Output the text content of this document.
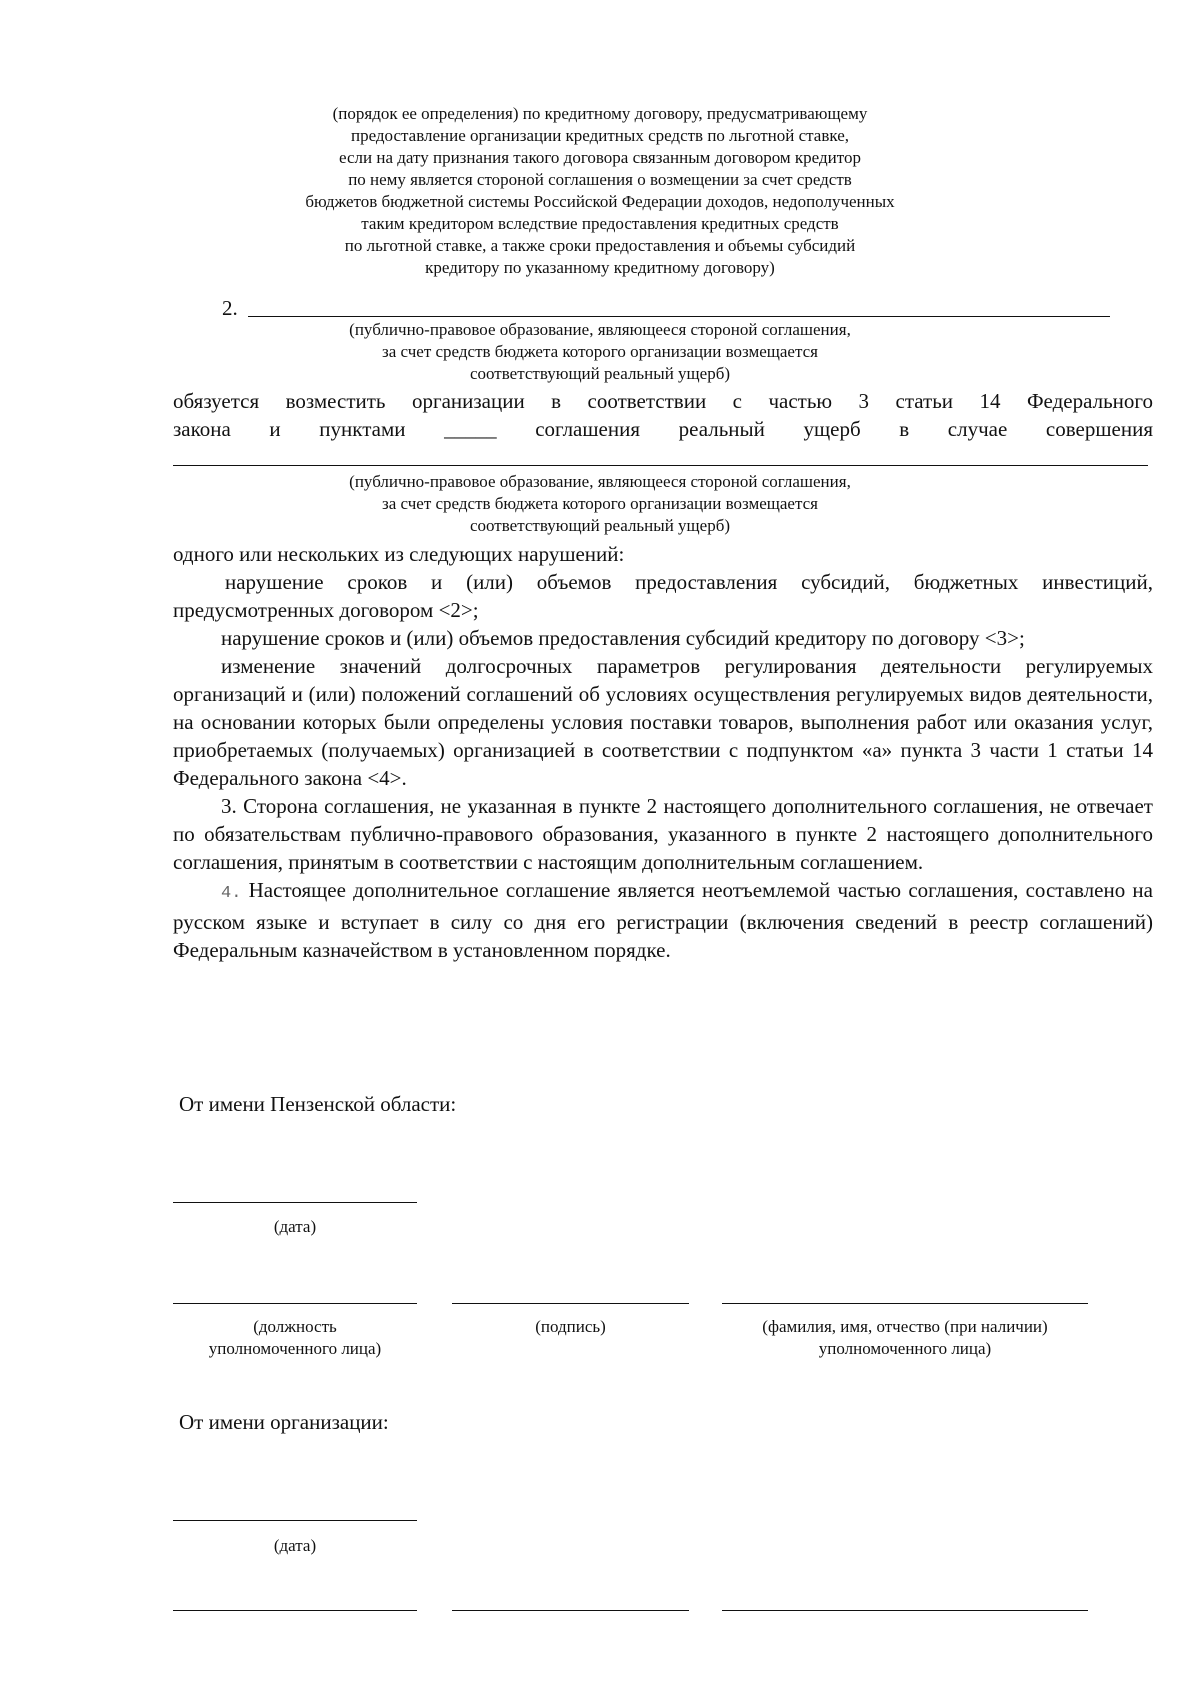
(порядок ее определения) по кредитному договору, предусматривающему
предоставление организации кредитных средств по льготной ставке,
если на дату признания такого договора связанным договором кредитор
по нему является стороной соглашения о возмещении за счет средств
бюджетов бюджетной системы Российской Федерации доходов, недополученных
таким кредитором вследствие предоставления кредитных средств
по льготной ставке, а также сроки предоставления и объемы субсидий
кредитору по указанному кредитному договору)
2.
(публично-правовое образование, являющееся стороной соглашения,
за счет средств бюджета которого организации возмещается
соответствующий реальный ущерб)
обязуется возместить организации в соответствии с частью 3 статьи 14 Федерального
закона и пунктами _____ соглашения реальный ущерб в случае совершения
(публично-правовое образование, являющееся стороной соглашения,
за счет средств бюджета которого организации возмещается
соответствующий реальный ущерб)

одного или нескольких из следующих нарушений:

нарушение сроков и (или) объемов предоставления субсидий, бюджетных инвестиций, предусмотренных договором <2>;

нарушение сроков и (или) объемов предоставления субсидий кредитору по договору <3>;

изменение значений долгосрочных параметров регулирования деятельности регулируемых организаций и (или) положений соглашений об условиях осуществления регулируемых видов деятельности, на основании которых были определены условия поставки товаров, выполнения работ или оказания услуг, приобретаемых (получаемых) организацией в соответствии с подпунктом «а» пункта 3 части 1 статьи 14 Федерального закона <4>.

3. Сторона соглашения, не указанная в пункте 2 настоящего дополнительного соглашения, не отвечает по обязательствам публично-правового образования, указанного в пункте 2 настоящего дополнительного соглашения, принятым в соответствии с настоящим дополнительным соглашением.

4. Настоящее дополнительное соглашение является неотъемлемой частью соглашения, составлено на русском языке и вступает в силу со дня его регистрации (включения сведений в реестр соглашений) Федеральным казначейством в установленном порядке.

От имени Пензенской области:
(дата)
(должность
уполномоченного лица)
(подпись)	(фамилия, имя, отчество (при наличии)
уполномоченного лица)
От имени организации:
(дата)
